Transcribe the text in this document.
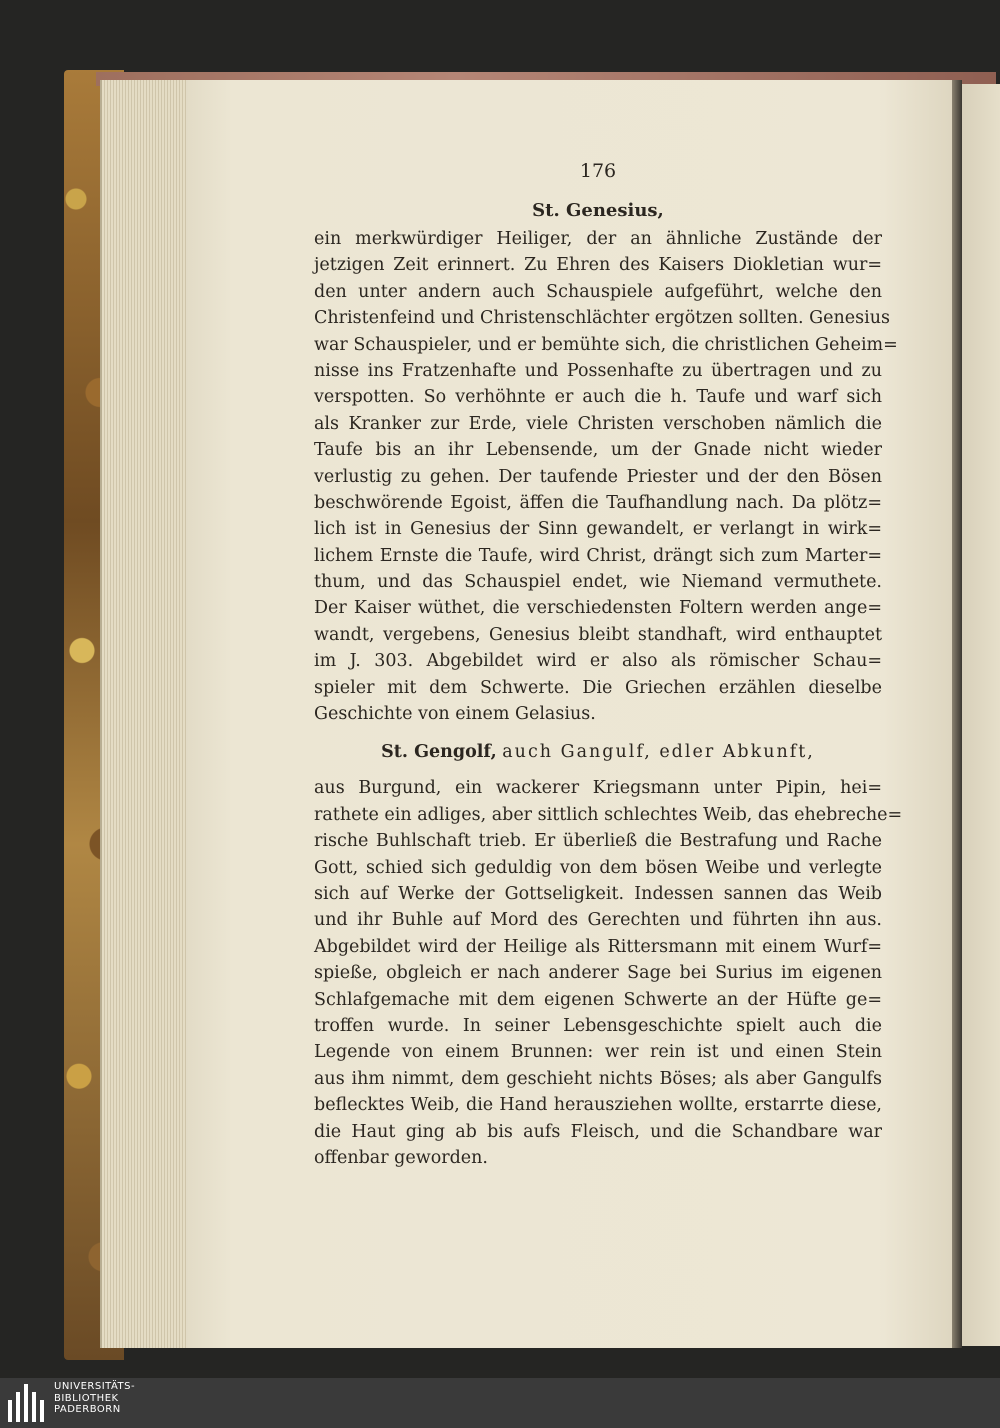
176
St. Genesius,
ein merkwürdiger Heiliger, der an ähnliche Zustände der
jetzigen Zeit erinnert. Zu Ehren des Kaisers Diokletian wur=
den unter andern auch Schauspiele aufgeführt, welche den
Christenfeind und Christenschlächter ergötzen sollten. Genesius
war Schauspieler, und er bemühte sich, die christlichen Geheim=
nisse ins Fratzenhafte und Possenhafte zu übertragen und zu
verspotten. So verhöhnte er auch die h. Taufe und warf sich
als Kranker zur Erde, viele Christen verschoben nämlich die
Taufe bis an ihr Lebensende, um der Gnade nicht wieder
verlustig zu gehen. Der taufende Priester und der den Bösen
beschwörende Egoist, äffen die Taufhandlung nach. Da plötz=
lich ist in Genesius der Sinn gewandelt, er verlangt in wirk=
lichem Ernste die Taufe, wird Christ, drängt sich zum Marter=
thum, und das Schauspiel endet, wie Niemand vermuthete.
Der Kaiser wüthet, die verschiedensten Foltern werden ange=
wandt, vergebens, Genesius bleibt standhaft, wird enthauptet
im J. 303. Abgebildet wird er also als römischer Schau=
spieler mit dem Schwerte. Die Griechen erzählen dieselbe
Geschichte von einem Gelasius.
St. Gengolf, auch Gangulf, edler Abkunft,
aus Burgund, ein wackerer Kriegsmann unter Pipin, hei=
rathete ein adliges, aber sittlich schlechtes Weib, das ehebreche=
rische Buhlschaft trieb. Er überließ die Bestrafung und Rache
Gott, schied sich geduldig von dem bösen Weibe und verlegte
sich auf Werke der Gottseligkeit. Indessen sannen das Weib
und ihr Buhle auf Mord des Gerechten und führten ihn aus.
Abgebildet wird der Heilige als Rittersmann mit einem Wurf=
spieße, obgleich er nach anderer Sage bei Surius im eigenen
Schlafgemache mit dem eigenen Schwerte an der Hüfte ge=
troffen wurde. In seiner Lebensgeschichte spielt auch die
Legende von einem Brunnen: wer rein ist und einen Stein
aus ihm nimmt, dem geschieht nichts Böses; als aber Gangulfs
beflecktes Weib, die Hand herausziehen wollte, erstarrte diese,
die Haut ging ab bis aufs Fleisch, und die Schandbare war
offenbar geworden.
UNIVERSITÄTS-
BIBLIOTHEK
PADERBORN
